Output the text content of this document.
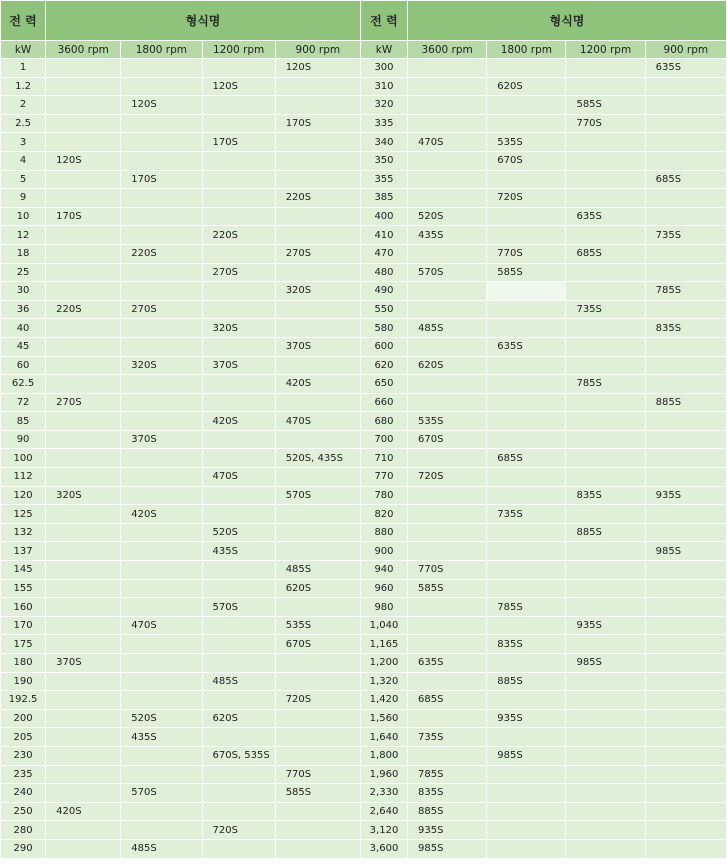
전 력	형식명				전 력	형식명			
kW	3600 rpm	1800 rpm	1200 rpm	900 rpm	kW	3600 rpm	1800 rpm	1200 rpm	900 rpm
1				120S	300				635S
1.2			120S		310		620S		
2		120S			320			585S	
2.5				170S	335			770S	
3			170S		340	470S	535S		
4	120S				350		670S		
5		170S			355				685S
9				220S	385		720S		
10	170S				400	520S		635S	
12			220S		410	435S			735S
18		220S		270S	470		770S	685S	
25			270S		480	570S	585S		
30				320S	490				785S
36	220S	270S			550			735S	
40			320S		580	485S			835S
45				370S	600		635S		
60		320S	370S		620	620S			
62.5				420S	650			785S	
72	270S				660				885S
85			420S	470S	680	535S			
90		370S			700	670S			
100				520S, 435S	710		685S		
112			470S		770	720S			
120	320S			570S	780			835S	935S
125		420S			820		735S		
132			520S		880			885S	
137			435S		900				985S
145				485S	940	770S			
155				620S	960	585S			
160			570S		980		785S		
170		470S		535S	1,040			935S	
175				670S	1,165		835S		
180	370S				1,200	635S		985S	
190			485S		1,320		885S		
192.5				720S	1,420	685S			
200		520S	620S		1,560		935S		
205		435S			1,640	735S			
230			670S, 535S		1,800		985S		
235				770S	1,960	785S			
240		570S		585S	2,330	835S			
250	420S				2,640	885S			
280			720S		3,120	935S			
290		485S			3,600	985S			
